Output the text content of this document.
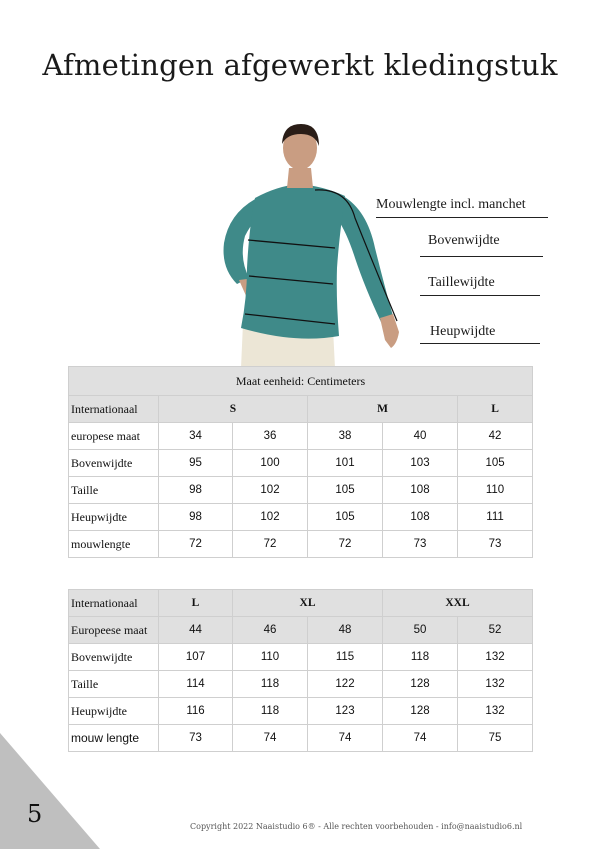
Afmetingen afgewerkt kledingstuk
Mouwlengte incl. manchet
Bovenwijdte
Taillewijdte
Heupwijdte
Maat eenheid: Centimeters					
Internationaal	S		M		L
europese maat	34	36	38	40	42
Bovenwijdte	95	100	101	103	105
Taille	98	102	105	108	110
Heupwijdte	98	102	105	108	111
mouwlengte	72	72	72	73	73
Internationaal	L	XL		XXL	
Europeese maat	44	46	48	50	52
Bovenwijdte	107	110	115	118	132
Taille	114	118	122	128	132
Heupwijdte	116	118	123	128	132
mouw lengte	73	74	74	74	75
5	Copyright 2022 Naaistudio 6® - Alle rechten voorbehouden - info@naaistudio6.nl
